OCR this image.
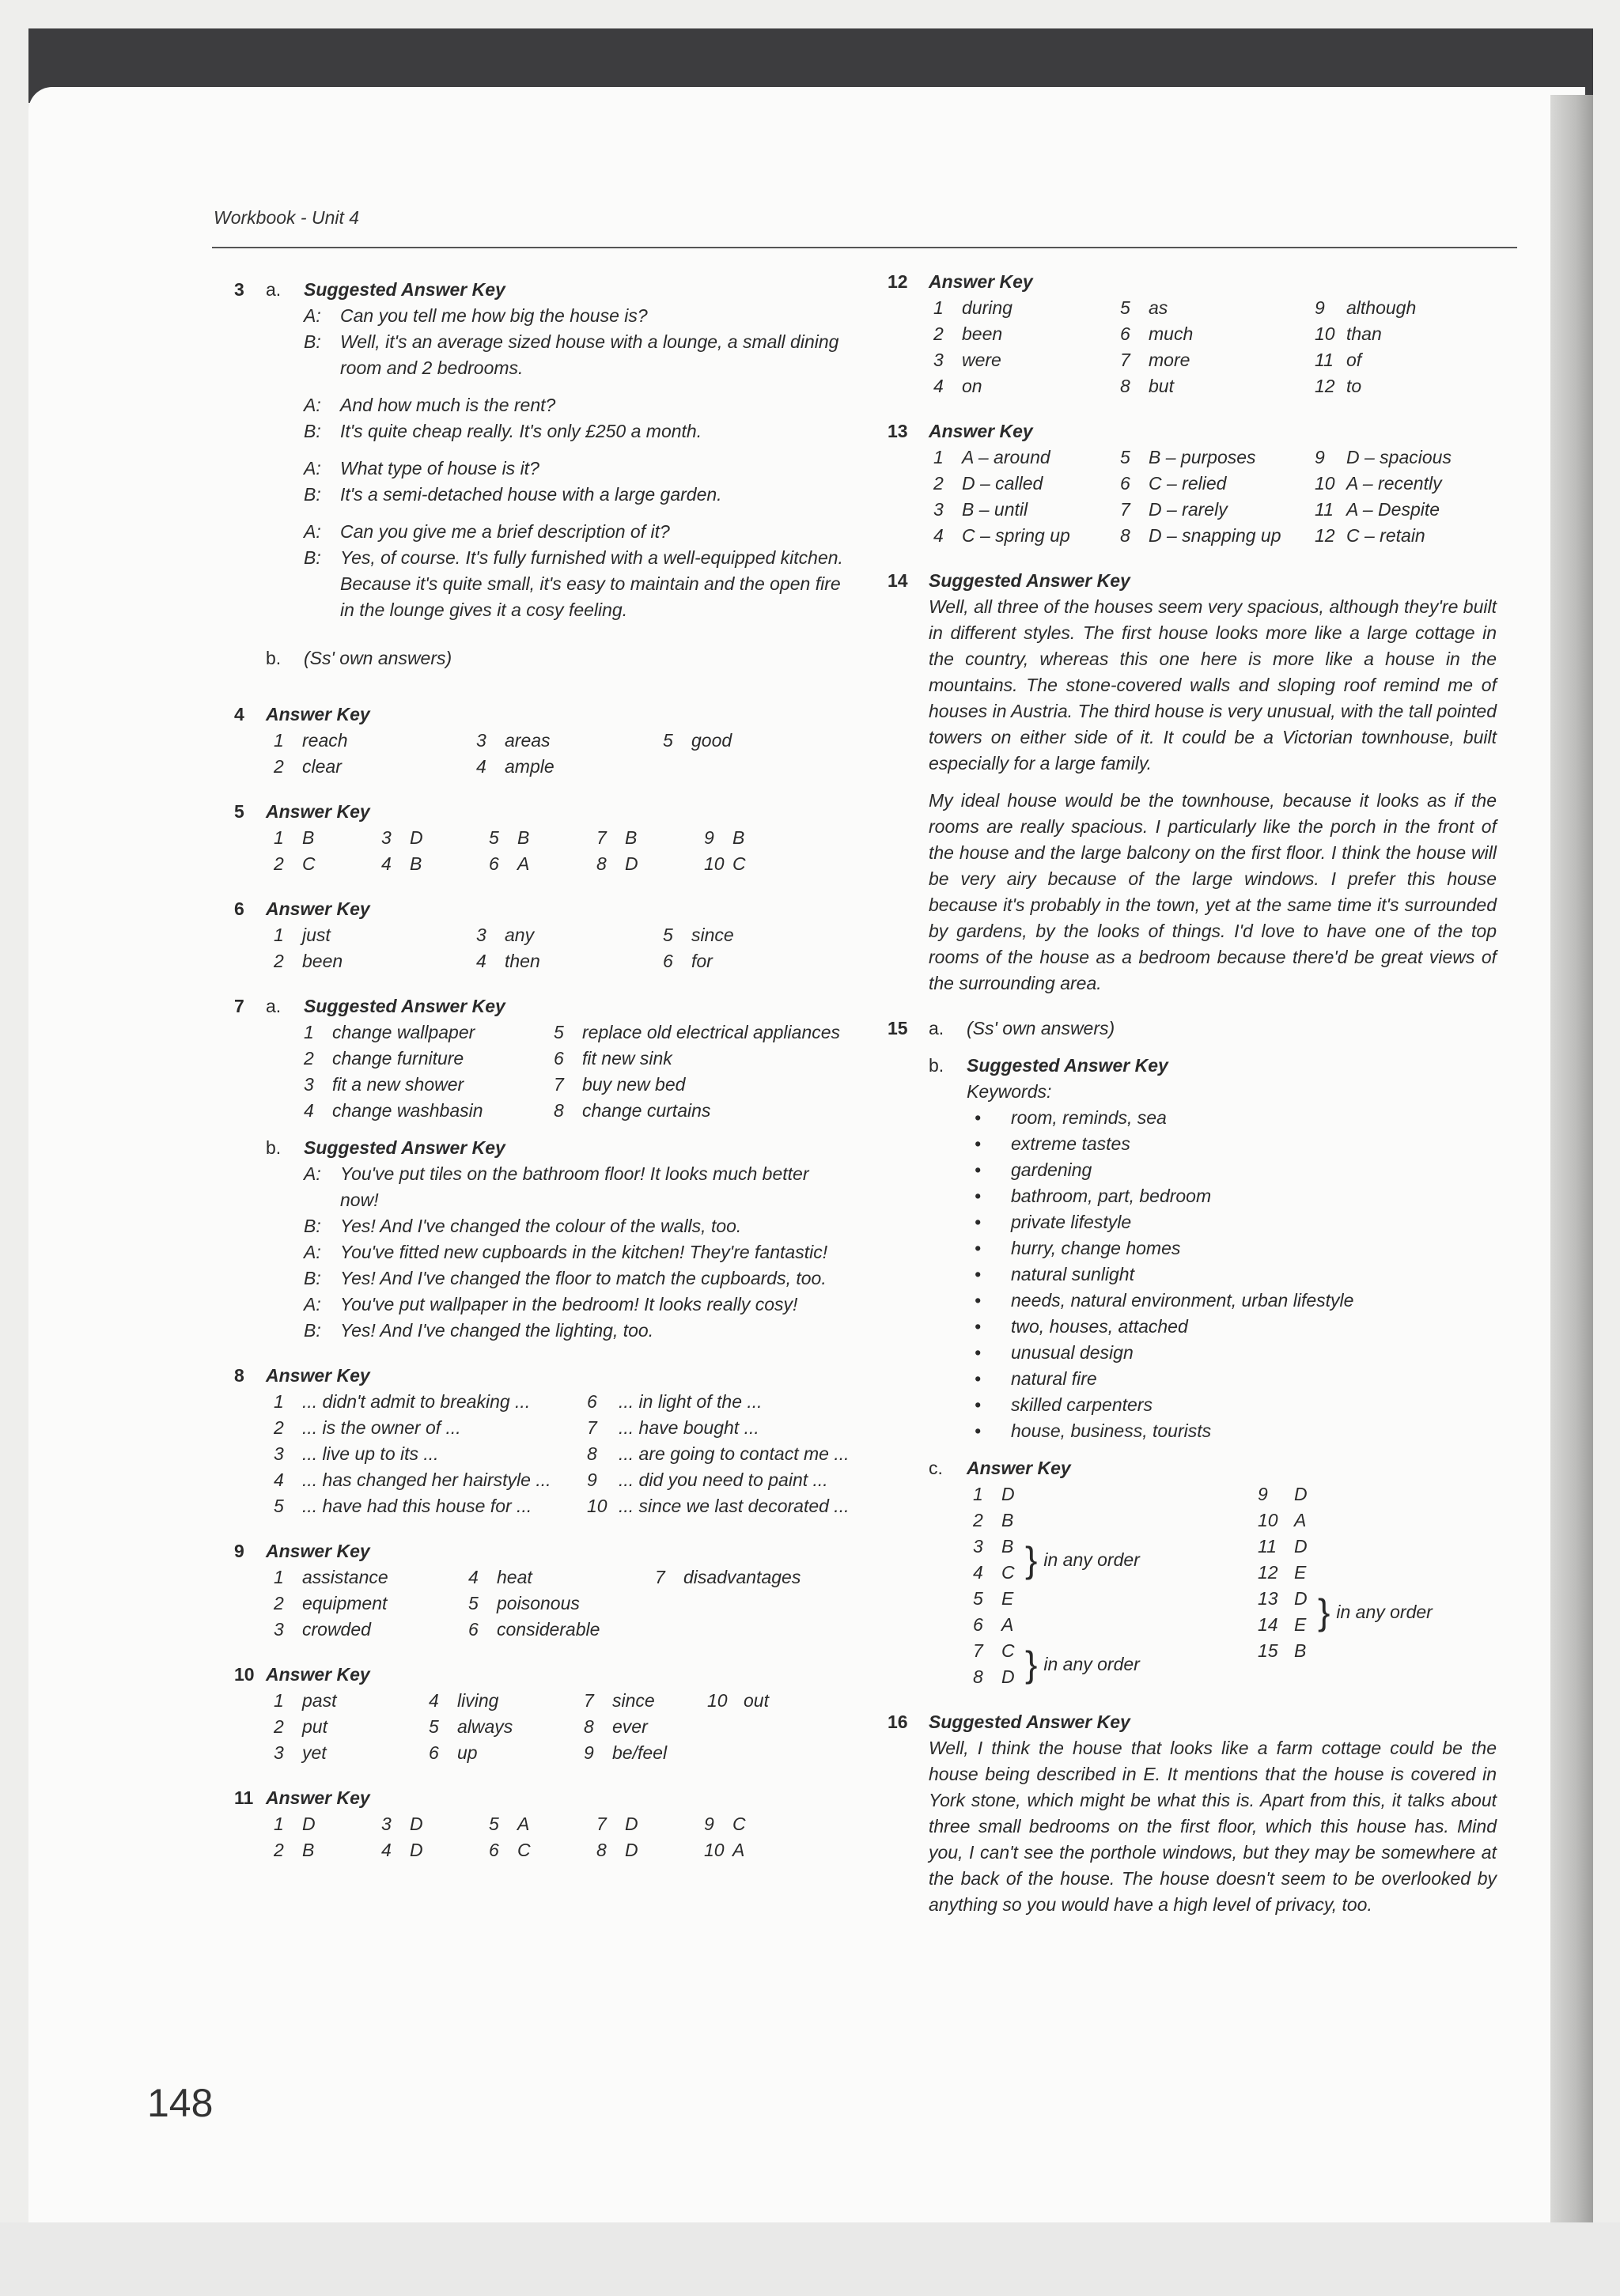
Workbook - Unit 4
3 a. Suggested Answer Key
A:	Can you tell me how big the house is?
B:	Well, it's an average sized house with a lounge, a small dining room and 2 bedrooms.
A:	And how much is the rent?
B:	It's quite cheap really. It's only £250 a month.
A:	What type of house is it?
B:	It's a semi-detached house with a large garden.
A:	Can you give me a brief description of it?
B:	Yes, of course. It's fully furnished with a well-equipped kitchen. Because it's quite small, it's easy to maintain and the open fire in the lounge gives it a cosy feeling.
b. (Ss' own answers)
4 Answer Key
1	reach	3	areas	5	good
2	clear	4	ample
5 Answer Key
1	B	3	D	5	B	7	B	9	B
2	C	4	B	6	A	8	D	10 C
6 Answer Key
1	just	3	any	5	since
2	been	4	then	6	for
7 a. Suggested Answer Key
1	change wallpaper	5	replace old electrical appliances
2	change furniture	6	fit new sink
3	fit a new shower	7	buy new bed
4	change washbasin	8	change curtains
b. Suggested Answer Key
A:	You've put tiles on the bathroom floor! It looks much better now!
B:	Yes! And I've changed the colour of the walls, too.
A:	You've fitted new cupboards in the kitchen! They're fantastic!
B:	Yes! And I've changed the floor to match the cupboards, too.
A:	You've put wallpaper in the bedroom! It looks really cosy!
B:	Yes! And I've changed the lighting, too.
8 Answer Key
1	... didn't admit to breaking ...	6	... in light of the ...
2	... is the owner of ...	7	... have bought ...
3	... live up to its ...	8	... are going to contact me ...
4	... has changed her hairstyle ...	9	... did you need to paint ...
5	... have had this house for ...	10 ... since we last decorated ...
9 Answer Key
1	assistance	4	heat	7	disadvantages
2	equipment	5	poisonous
3	crowded	6	considerable
10 Answer Key
1	past	4	living	7	since	10 out
2	put	5	always	8	ever
3	yet	6	up	9	be/feel
11 Answer Key
1	D	3	D	5	A	7	D	9	C
2	B	4	D	6	C	8	D	10 A
12 Answer Key
1	during	5	as	9	although
2	been	6	much	10 than
3	were	7	more	11 of
4	on	8	but	12 to
13 Answer Key
1	A – around	5	B – purposes	9	D – spacious
2	D – called	6	C – relied	10 A – recently
3	B – until	7	D – rarely	11 A – Despite
4	C – spring up	8	D – snapping up	12 C – retain
14 Suggested Answer Key
Well, all three of the houses seem very spacious, although they're built in different styles. The first house looks more like a large cottage in the country, whereas this one here is more like a house in the mountains. The stone-covered walls and sloping roof remind me of houses in Austria. The third house is very unusual, with the tall pointed towers on either side of it. It could be a Victorian townhouse, built especially for a large family.
My ideal house would be the townhouse, because it looks as if the rooms are really spacious. I particularly like the porch in the front of the house and the large balcony on the first floor. I think the house will be very airy because of the large windows. I prefer this house because it's probably in the town, yet at the same time it's surrounded by gardens, by the looks of things. I'd love to have one of the top rooms of the house as a bedroom because there'd be great views of the surrounding area.
15 a. (Ss' own answers)
b. Suggested Answer Key
Keywords:
• room, reminds, sea
• extreme tastes
• gardening
• bathroom, part, bedroom
• private lifestyle
• hurry, change homes
• natural sunlight
• needs, natural environment, urban lifestyle
• two, houses, attached
• unusual design
• natural fire
• skilled carpenters
• house, business, tourists
c. Answer Key
1	D
2	B
3	B
4	C } in any order
5	E
6	A
7	C
8	D } in any order
9	D
10 A
11 D
12 E
13 D
14 E } in any order
15 B
16 Suggested Answer Key
Well, I think the house that looks like a farm cottage could be the house being described in E. It mentions that the house is covered in York stone, which might be what this is. Apart from this, it talks about three small bedrooms on the first floor, which this house has. Mind you, I can't see the porthole windows, but they may be somewhere at the back of the house. The house doesn't seem to be overlooked by anything so you would have a high level of privacy, too.
148
